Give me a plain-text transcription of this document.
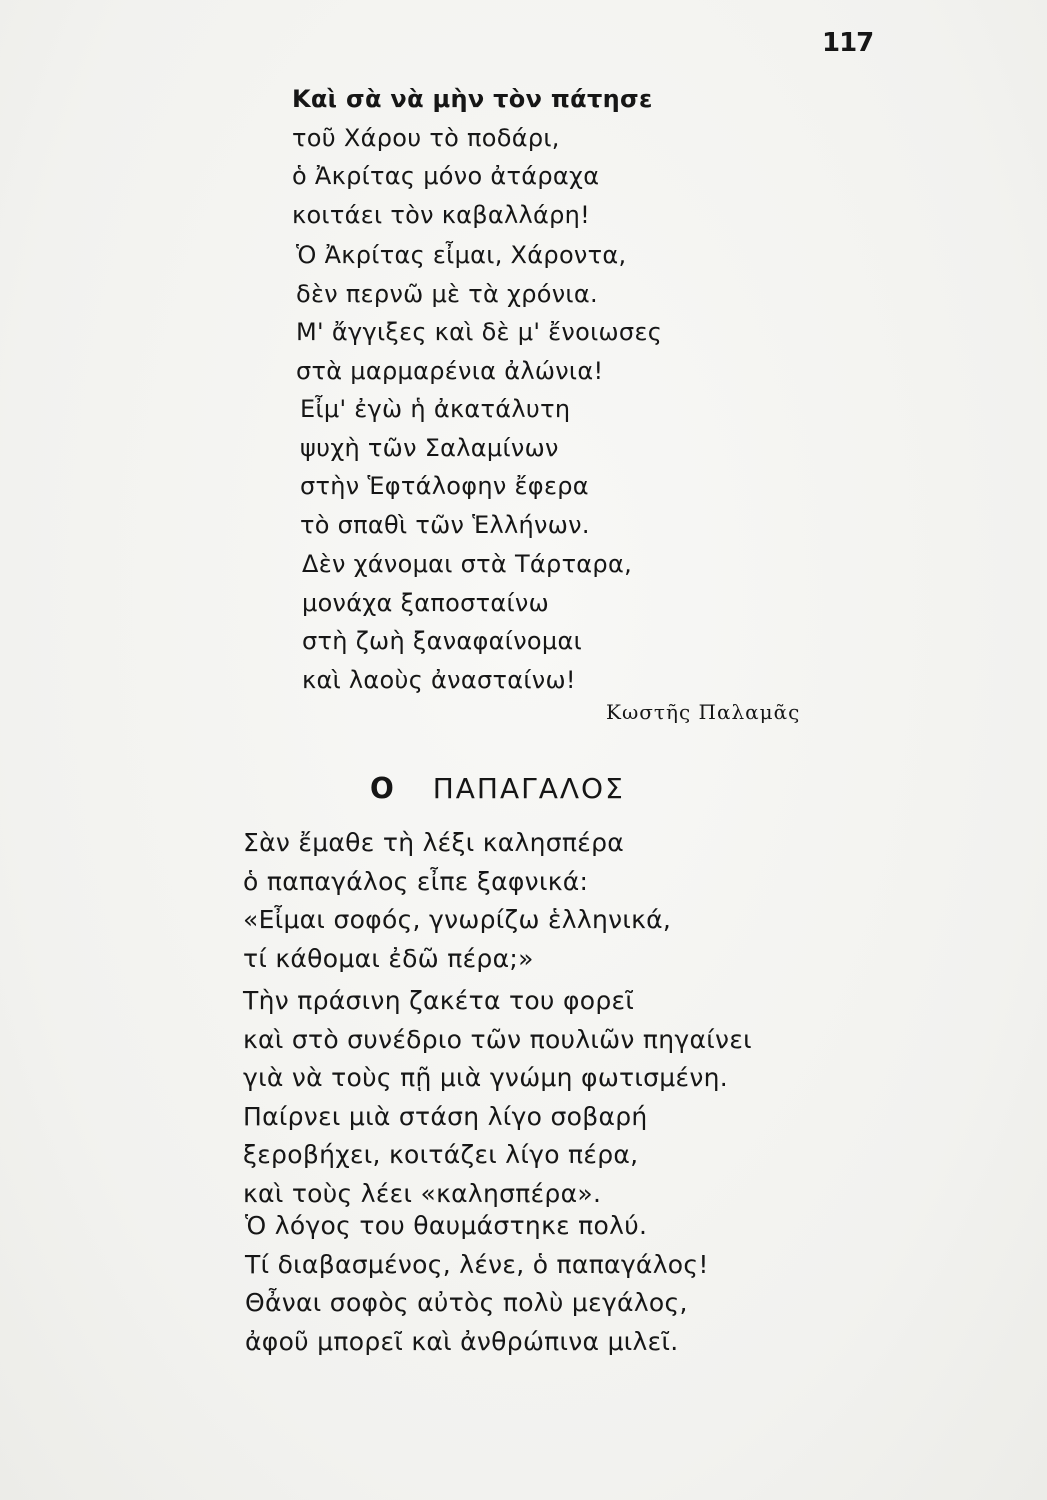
117
Καὶ σὰ νὰ μὴν τὸν πάτησε
τοῦ Χάρου τὸ ποδάρι,
ὁ Ἀκρίτας μόνο ἀτάραχα
κοιτάει τὸν καβαλλάρη!
Ὁ Ἀκρίτας εἶμαι, Χάροντα,
δὲν περνῶ μὲ τὰ χρόνια.
Μ' ἄγγιξες καὶ δὲ μ' ἔνοιωσες
στὰ μαρμαρένια ἀλώνια!
Εἶμ' ἐγὼ ἡ ἀκατάλυτη
ψυχὴ τῶν Σαλαμίνων
στὴν Ἑφτάλοφην ἔφερα
τὸ σπαθὶ τῶν Ἑλλήνων.
Δὲν χάνομαι στὰ Τάρταρα,
μονάχα ξαποσταίνω
στὴ ζωὴ ξαναφαίνομαι
καὶ λαοὺς ἀνασταίνω!
Κωστῆς Παλαμᾶς
Ο ΠΑΠΑΓΑΛΟΣ
Σὰν ἔμαθε τὴ λέξι καλησπέρα
ὁ παπαγάλος εἶπε ξαφνικά:
«Εἶμαι σοφός, γνωρίζω ἑλληνικά,
τί κάθομαι ἐδῶ πέρα;»
Τὴν πράσινη ζακέτα του φορεῖ
καὶ στὸ συνέδριο τῶν πουλιῶν πηγαίνει
γιὰ νὰ τοὺς πῇ μιὰ γνώμη φωτισμένη.
Παίρνει μιὰ στάση λίγο σοβαρή
ξεροβήχει, κοιτάζει λίγο πέρα,
καὶ τοὺς λέει «καλησπέρα».
Ὁ λόγος του θαυμάστηκε πολύ.
Τί διαβασμένος, λένε, ὁ παπαγάλος!
Θἆναι σοφὸς αὐτὸς πολὺ μεγάλος,
ἀφοῦ μπορεῖ καὶ ἀνθρώπινα μιλεῖ.
